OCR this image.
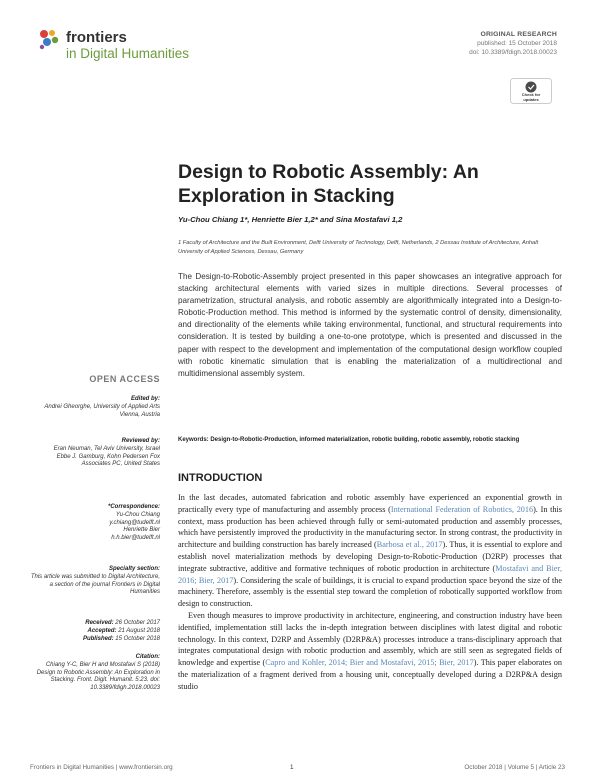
frontiers
in Digital Humanities
ORIGINAL RESEARCH
published: 15 October 2018
doi: 10.3389/fdigh.2018.00023
Check for
updates
Design to Robotic Assembly: An Exploration in Stacking
Yu-Chou Chiang 1*, Henriette Bier 1,2* and Sina Mostafavi 1,2
1 Faculty of Architecture and the Built Environment, Delft University of Technology, Delft, Netherlands, 2 Dessau Institute of Architecture, Anhalt University of Applied Sciences, Dessau, Germany
The Design-to-Robotic-Assembly project presented in this paper showcases an integrative approach for stacking architectural elements with varied sizes in multiple directions. Several processes of parametrization, structural analysis, and robotic assembly are algorithmically integrated into a Design-to-Robotic-Production method. This method is informed by the systematic control of density, dimensionality, and directionality of the elements while taking environmental, functional, and structural requirements into consideration. It is tested by building a one-to-one prototype, which is presented and discussed in the paper with respect to the development and implementation of the computational design workflow coupled with robotic kinematic simulation that is enabling the materialization of a multidirectional and multidimensional assembly system.
Keywords: Design-to-Robotic-Production, informed materialization, robotic building, robotic assembly, robotic stacking
OPEN ACCESS
Edited by:
Andrei Gheorghe, University of Applied Arts Vienna, Austria
Reviewed by:
Eran Neuman, Tel Aviv University, Israel
Ebbe J. Gamburg, Kohn Pedersen Fox Associates PC, United States
*Correspondence:
Yu-Chou Chiang
y.chiang@tudelft.nl
Henriette Bier
h.h.bier@tudelft.nl
Specialty section:
This article was submitted to Digital Architecture, a section of the journal Frontiers in Digital Humanities
Received: 26 October 2017
Accepted: 21 August 2018
Published: 15 October 2018
Citation:
Chiang Y-C, Bier H and Mostafavi S (2018) Design to Robotic Assembly: An Exploration in Stacking. Front. Digit. Humanit. 5:23. doi: 10.3389/fdigh.2018.00023
INTRODUCTION

In the last decades, automated fabrication and robotic assembly have experienced an exponential growth in practically every type of manufacturing and assembly process (International Federation of Robotics, 2016). In this context, mass production has been achieved through fully or semi-automated production and assembly processes, which have persistently improved the productivity in the manufacturing sector. In strong contrast, the productivity in architecture and building construction has barely increased (Barbosa et al., 2017). Thus, it is essential to explore and establish novel materialization methods by developing Design-to-Robotic-Production (D2RP) processes that integrate subtractive, additive and formative techniques of robotic production in architecture (Mostafavi and Bier, 2016; Bier, 2017). Considering the scale of buildings, it is crucial to expand production space beyond the size of the machinery. Therefore, assembly is the essential step toward the completion of robotically supported workflow from design to construction.

Even though measures to improve productivity in architecture, engineering, and construction industry have been identified, implementation still lacks the in-depth integration between disciplines with latest digital and robotic technology. In this context, D2RP and Assembly (D2RP&A) processes introduce a trans-disciplinary approach that integrates computational design with robotic production and assembly, which are still seen as segregated fields of knowledge and expertise (Capro and Kohler, 2014; Bier and Mostafavi, 2015; Bier, 2017). This paper elaborates on the materialization of a fragment derived from a housing unit, conceptually developed during a D2RP&A design studio

Frontiers in Digital Humanities | www.frontiersin.org	1	October 2018 | Volume 5 | Article 23
